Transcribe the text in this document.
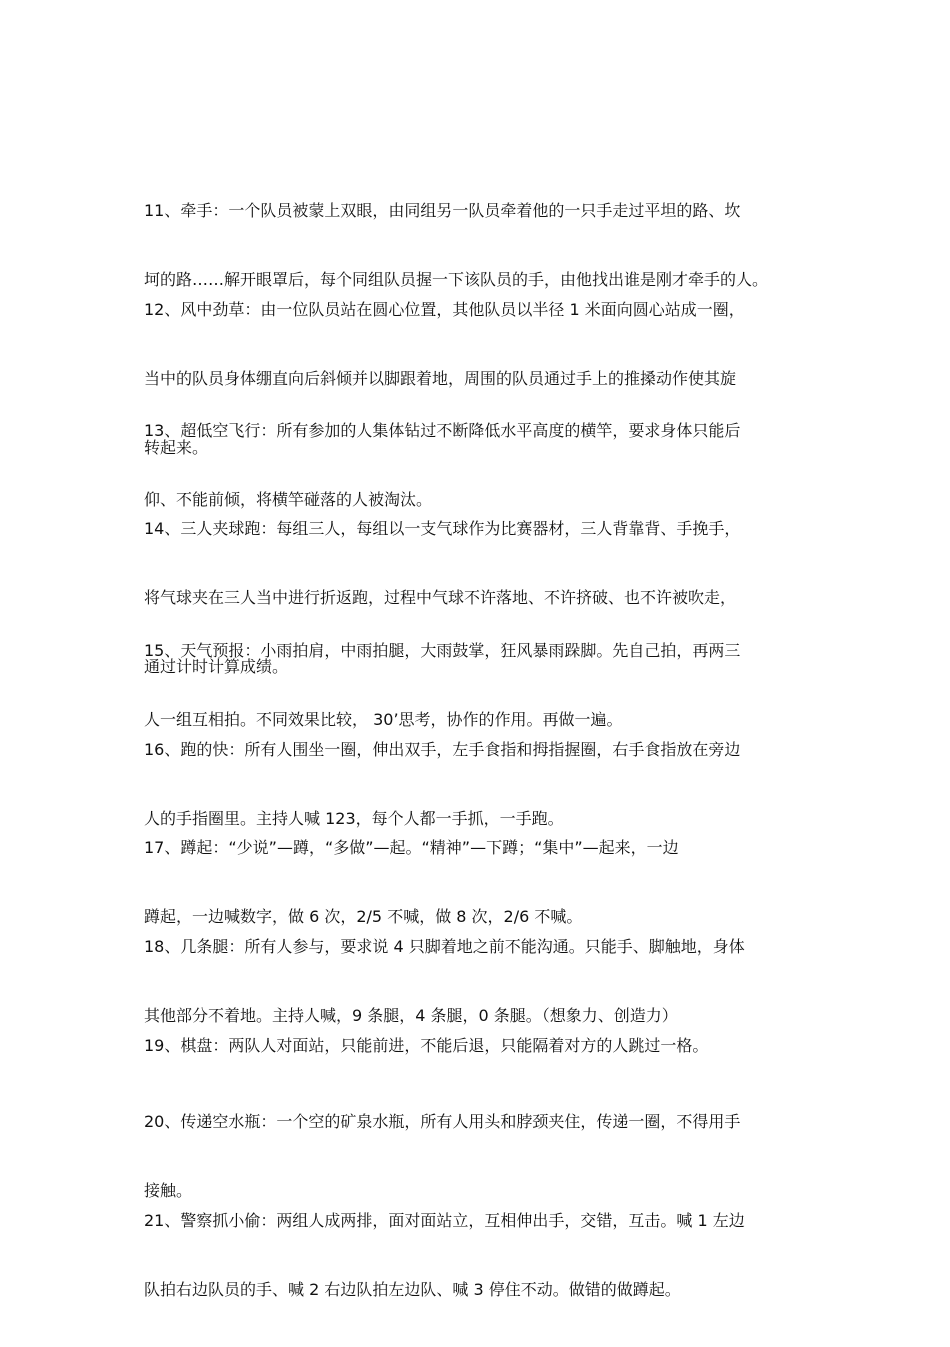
11、牵手：一个队员被蒙上双眼，由同组另一队员牵着他的一只手走过平坦的路、坎

坷的路……解开眼罩后，每个同组队员握一下该队员的手，由他找出谁是刚才牵手的人。

12、风中劲草：由一位队员站在圆心位置，其他队员以半径 1 米面向圆心站成一圈，

当中的队员身体绷直向后斜倾并以脚跟着地，周围的队员通过手上的推搡动作使其旋

转起来。

13、超低空飞行：所有参加的人集体钻过不断降低水平高度的横竿，要求身体只能后

仰、不能前倾，将横竿碰落的人被淘汰。

14、三人夹球跑：每组三人，每组以一支气球作为比赛器材，三人背靠背、手挽手，

将气球夹在三人当中进行折返跑，过程中气球不许落地、不许挤破、也不许被吹走，

通过计时计算成绩。

15、天气预报：小雨拍肩，中雨拍腿，大雨鼓掌，狂风暴雨跺脚。先自己拍，再两三

人一组互相拍。不同效果比较， 30’思考，协作的作用。再做一遍。

16、跑的快：所有人围坐一圈，伸出双手，左手食指和拇指握圈，右手食指放在旁边

人的手指圈里。主持人喊 123，每个人都一手抓，一手跑。

17、蹲起：“少说”—蹲，“多做”—起。“精神”—下蹲；“集中”—起来，一边

蹲起，一边喊数字，做 6 次，2/5 不喊，做 8 次，2/6 不喊。

18、几条腿：所有人参与，要求说 4 只脚着地之前不能沟通。只能手、脚触地，身体

其他部分不着地。主持人喊，9 条腿，4 条腿，0 条腿。（想象力、创造力）

19、棋盘：两队人对面站，只能前进，不能后退，只能隔着对方的人跳过一格。

20、传递空水瓶：一个空的矿泉水瓶，所有人用头和脖颈夹住，传递一圈，不得用手

接触。

21、警察抓小偷：两组人成两排，面对面站立，互相伸出手，交错，互击。喊 1 左边

队拍右边队员的手、喊 2 右边队拍左边队、喊 3 停住不动。做错的做蹲起。
